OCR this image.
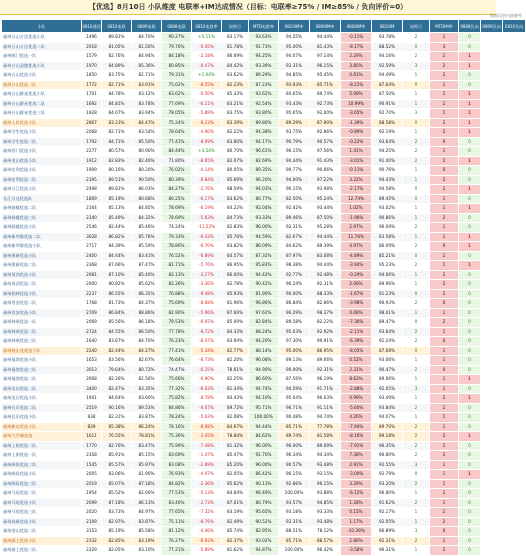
【优选】8月10日 小队维度 电联率+IM达成情况（目标：电联率≥75% / IM≥85% / 负向评价=0）
数据仅供内部参考
小队	0810通话	0810电联	0809电联	0808电联	0810电联率	较昨日	MTD电联率	0810IM率	0809IM率	0808IM率	0810IM	较昨日	MTDIM率	0808负向	0809负向	0810负向
福州台山万达优选小队	1496	89.81%	84.70%	90.27%	+5.11%	83.17%	93.63%	94.55%	94.44%	-0.11%	93.78%	2	1	0		
福州台山万达优选二队	2018	81.05%	81.50%	79.76%	-0.45%	81.78%	92.73%	95.00%	81.43%	-8.17%	88.52%	0	3	0		
福州闽门优选一队	1579	82.76%	84.94%	84.18%	-2.18%	86.69%	94.25%	94.07%	97.14%	2.29%	94.16%	2	2	1		
福州台山双港优选小队	1970	84.89%	85.36%	80.85%	-0.47%	84.42%	93.39%	92.31%	96.15%	3.85%	92.59%	3	2	1		
福州台山优选小队	1850	83.75%	82.71%	79.31%	+1.04%	83.62%	89.29%	94.85%	95.45%	0.61%	94.49%	1	2	0		
福州台山优选二队	1772	82.71%	83.91%	75.62%	-8.55%	82.23%	87.23%	93.93%	85.71%	-8.21%	87.64%	0	1	0		
福州台山群星优选小队	1701	84.78%	83.12%	83.62%	-0.50%	85.33%	93.62%	84.65%	89.74%	5.09%	87.50%	1	1	1		
福州台山群星优选二队	1692	84.81%	83.78%	77.69%	-6.11%	83.21%	92.54%	93.43%	92.73%	10.99%	90.91%	1	2	1		
福州台山群星优选三队	1928	84.07%	83.94%	78.05%	-5.89%	83.75%	93.80%	95.65%	92.00%	-3.65%	92.70%	3	1	1		
福州人民优选小队	2867	83.23%	84.47%	75.24%	-9.23%	83.39%	89.80%	89.29%	87.90%	-1.39%	88.58%	0	2	1		
福州学生优选小队	2068	82.71%	83.54%	78.64%	-4.90%	82.22%	94.38%	93.75%	92.86%	-0.89%	92.19%	1	2	1		
福州学生优选二队	1792	84.71%	85.50%	77.41%	-8.09%	83.80%	94.17%	90.79%	90.57%	-0.22%	93.64%	2	0	0		
福州西门优选小队	2277	80.57%	80.90%	84.44%	+3.54%	80.70%	96.61%	96.15%	97.56%	1.41%	94.25%	2	1	0		
福州金山优选小队	1912	82.83%	82.46%	71.80%	-8.65%	82.07%	82.69%	94.44%	91.43%	-3.01%	91.40%	2	2	1		
福州宏利优选小队	1909	80.16%	80.20%	76.02%	-4.14%	80.05%	89.35%	90.77%	90.66%	-0.11%	90.76%	1	0	0		
福州宏利优选二队	2395	89.51%	90.50%	80.39%	-0.84%	85.69%	96.20%	94.00%	97.22%	3.22%	94.43%	1	2	0		
福州台江优选小队	2498	89.81%	86.03%	84.27%	-2.76%	88.59%	94.03%	96.15%	93.98%	-2.17%	94.58%	0	2	1		
长江万达优选队	1869	85.19%	80.68%	80.25%	-6.17%	83.62%	86.77%	82.50%	95.24%	12.74%	89.45%	0	1	0		
福州鼓楼优选二队	2164	85.13%	84.85%	78.69%	-6.19%	84.22%	92.04%	92.42%	93.44%	1.02%	93.02%	1	1	1		
福州鼓楼优选三队	2340	85.49%	84.32%	78.69%	-5.63%	84.73%	93.33%	89.46%	87.50%	-1.96%	90.86%	1	2	0		
福州鼓楼优选小队	2546	82.44%	85.46%	74.24%	-11.22%	82.83%	96.00%	92.31%	95.28%	2.97%	96.09%	2	1	0		
福州新华都优选二队	3028	86.82%	85.76%	79.33%	-6.43%	85.76%	94.59%	82.67%	94.44%	11.76%	83.58%	1	1	1		
福州新华都优选小队	2717	84.39%	85.59%	78.86%	-6.70%	83.82%	86.09%	84.62%	89.39%	4.97%	86.09%	2	0	1		
福州建新优选小队	2400	84.44%	83.41%	76.52%	-6.89%	84.57%	87.32%	87.97%	83.08%	-4.89%	85.21%	0	2	0		
福州建新优选二队	2368	87.66%	87.47%	81.71%	-5.76%	86.95%	95.83%	98.38%	94.44%	-3.94%	95.23%	2	1	1		
福州屏西优选小队	2081	87.10%	85.40%	82.13%	-3.27%	86.00%	94.42%	92.77%	92.48%	-0.29%	94.06%	1	2	0		
福州屏西优选二队	2000	80.82%	85.62%	82.26%	-3.36%	82.78%	90.42%	90.24%	92.31%	2.06%	89.96%	1	2	0		
福州柏林优选小队	2237	86.55%	86.35%	76.88%	-9.48%	85.93%	81.90%	90.00%	88.33%	-1.67%	91.23%	0	2	0		
福州晋安优选二队	1768	81.73%	84.37%	75.69%	-8.68%	81.96%	96.86%	86.84%	82.86%	-3.98%	90.93%	2	0	0		
福州晋安优选小队	2709	86.84%	88.86%	82.90%	-5.96%	87.60%	97.62%	96.29%	98.37%	0.08%	98.01%	1	1	0		
福州林果优选一队	2069	85.56%	86.18%	79.53%	-6.65%	85.09%	82.84%	89.58%	82.22%	-7.36%	89.47%	0	2	0		
福州林果优选二队	2724	84.55%	86.50%	77.78%	-8.72%	84.33%	88.24%	95.03%	92.92%	-2.11%	93.64%	2	1	0		
福州林果优选三队	1640	83.67%	84.70%	76.23%	-8.47%	83.94%	94.20%	97.30%	90.91%	-6.39%	91.24%	2	0	0		
福州鼓山龙优选小队	2240	82.44%	84.27%	77.41%	-5.34%	82.77%	88.14%	95.00%	86.95%	-8.05%	87.68%	0	1	0		
福州福湾优选小队	1653	83.56%	82.67%	76.64%	-6.73%	82.20%	96.08%	89.13%	89.66%	0.52%	93.06%	1	1	0		
福州福湾优选三队	3013	79.64%	80.72%	74.47%	-6.25%	78.61%	94.90%	90.00%	92.31%	2.31%	90.47%	2	0	0		
福州福湾优选二队	2668	82.26%	82.56%	75.66%	-6.90%	82.25%	86.60%	87.56%	96.19%	8.63%	89.06%	1	1	1		
福州龙岩优选二队	3400	82.47%	83.35%	77.32%	-6.03%	81.34%	94.74%	94.59%	91.71%	-2.88%	92.05%	3	1	0		
福州龙岩优选小队	1941	84.64%	83.60%	75.82%	-8.78%	84.43%	94.10%	95.04%	96.03%	0.99%	93.49%	1	2	1		
福州长乐优选二队	2519	90.16%	89.53%	84.86%	-4.67%	89.72%	95.71%	96.71%	91.11%	-5.60%	93.84%	2	2	0		
福州长乐优选小队	838	82.31%	83.87%	78.24%	-5.63%	82.08%	100.00%	90.48%	94.74%	4.26%	94.07%	1	1	0		
福州新店优选小队	839	85.38%	86.24%	78.16%	-8.08%	84.67%	94.44%	85.71%	77.78%	-7.94%	89.70%	2	1	0		
福州大学城优选	1611	76.55%	78.81%	75.36%	-3.45%	78.84%	84.62%	89.74%	81.58%	-8.16%	89.18%	2	2	1		
福州上街优选二队	1770	82.76%	83.47%	75.99%	-7.48%	81.32%	96.00%	96.00%	89.09%	-7.91%	96.35%	2	1	0		
福州上街优选一队	2358	85.91%	85.15%	83.69%	-1.47%	85.47%	92.76%	96.34%	94.34%	7.38%	90.80%	2	2	0		
福州闽侯优选二队	1545	85.57%	85.97%	83.08%	-2.89%	85.20%	96.00%	90.57%	93.48%	2.91%	92.55%	3	1	0		
福州闽侯优选小队	2005	83.06%	81.90%	76.93%	-4.97%	82.05%	86.42%	96.15%	93.15%	-3.00%	92.79%	0	1	1		
福州闽侯优选三队	2019	85.07%	87.18%	84.82%	-2.36%	85.62%	90.13%	92.86%	96.15%	3.29%	93.20%	2	1	0		
福州马尾优选二队	1954	85.52%	82.66%	77.53%	-5.13%	84.84%	96.49%	100.00%	93.88%	-6.12%	96.80%	1	2	0		
福州马尾优选小队	2099	87.18%	86.13%	83.40%	-2.73%	87.01%	86.79%	93.57%	94.85%	1.28%	91.62%	2	1	0		
福州马尾优选三队	2020	83.73%	84.97%	77.65%	-7.32%	83.19%	95.65%	93.18%	93.33%	0.15%	92.17%	1	2	0		
福州高新优选小队	2109	82.97%	83.87%	75.11%	-8.76%	82.49%	90.52%	92.31%	93.48%	1.17%	92.05%	1	2	0		
福州金山优选二队	3153	85.19%	85.58%	81.12%	-4.46%	85.74%	82.95%	88.51%	78.12%	-10.39%	86.89%	3	0	0		
福州浦上优选小队	2332	82.85%	83.19%	76.27%	-6.92%	82.37%	93.02%	85.71%	88.57%	2.86%	92.31%	2	1	0		
福州浦上优选二队	2329	82.05%	83.10%	77.21%	-5.89%	81.62%	94.87%	100.00%	96.42%	-3.58%	96.31%	1	2	0		
